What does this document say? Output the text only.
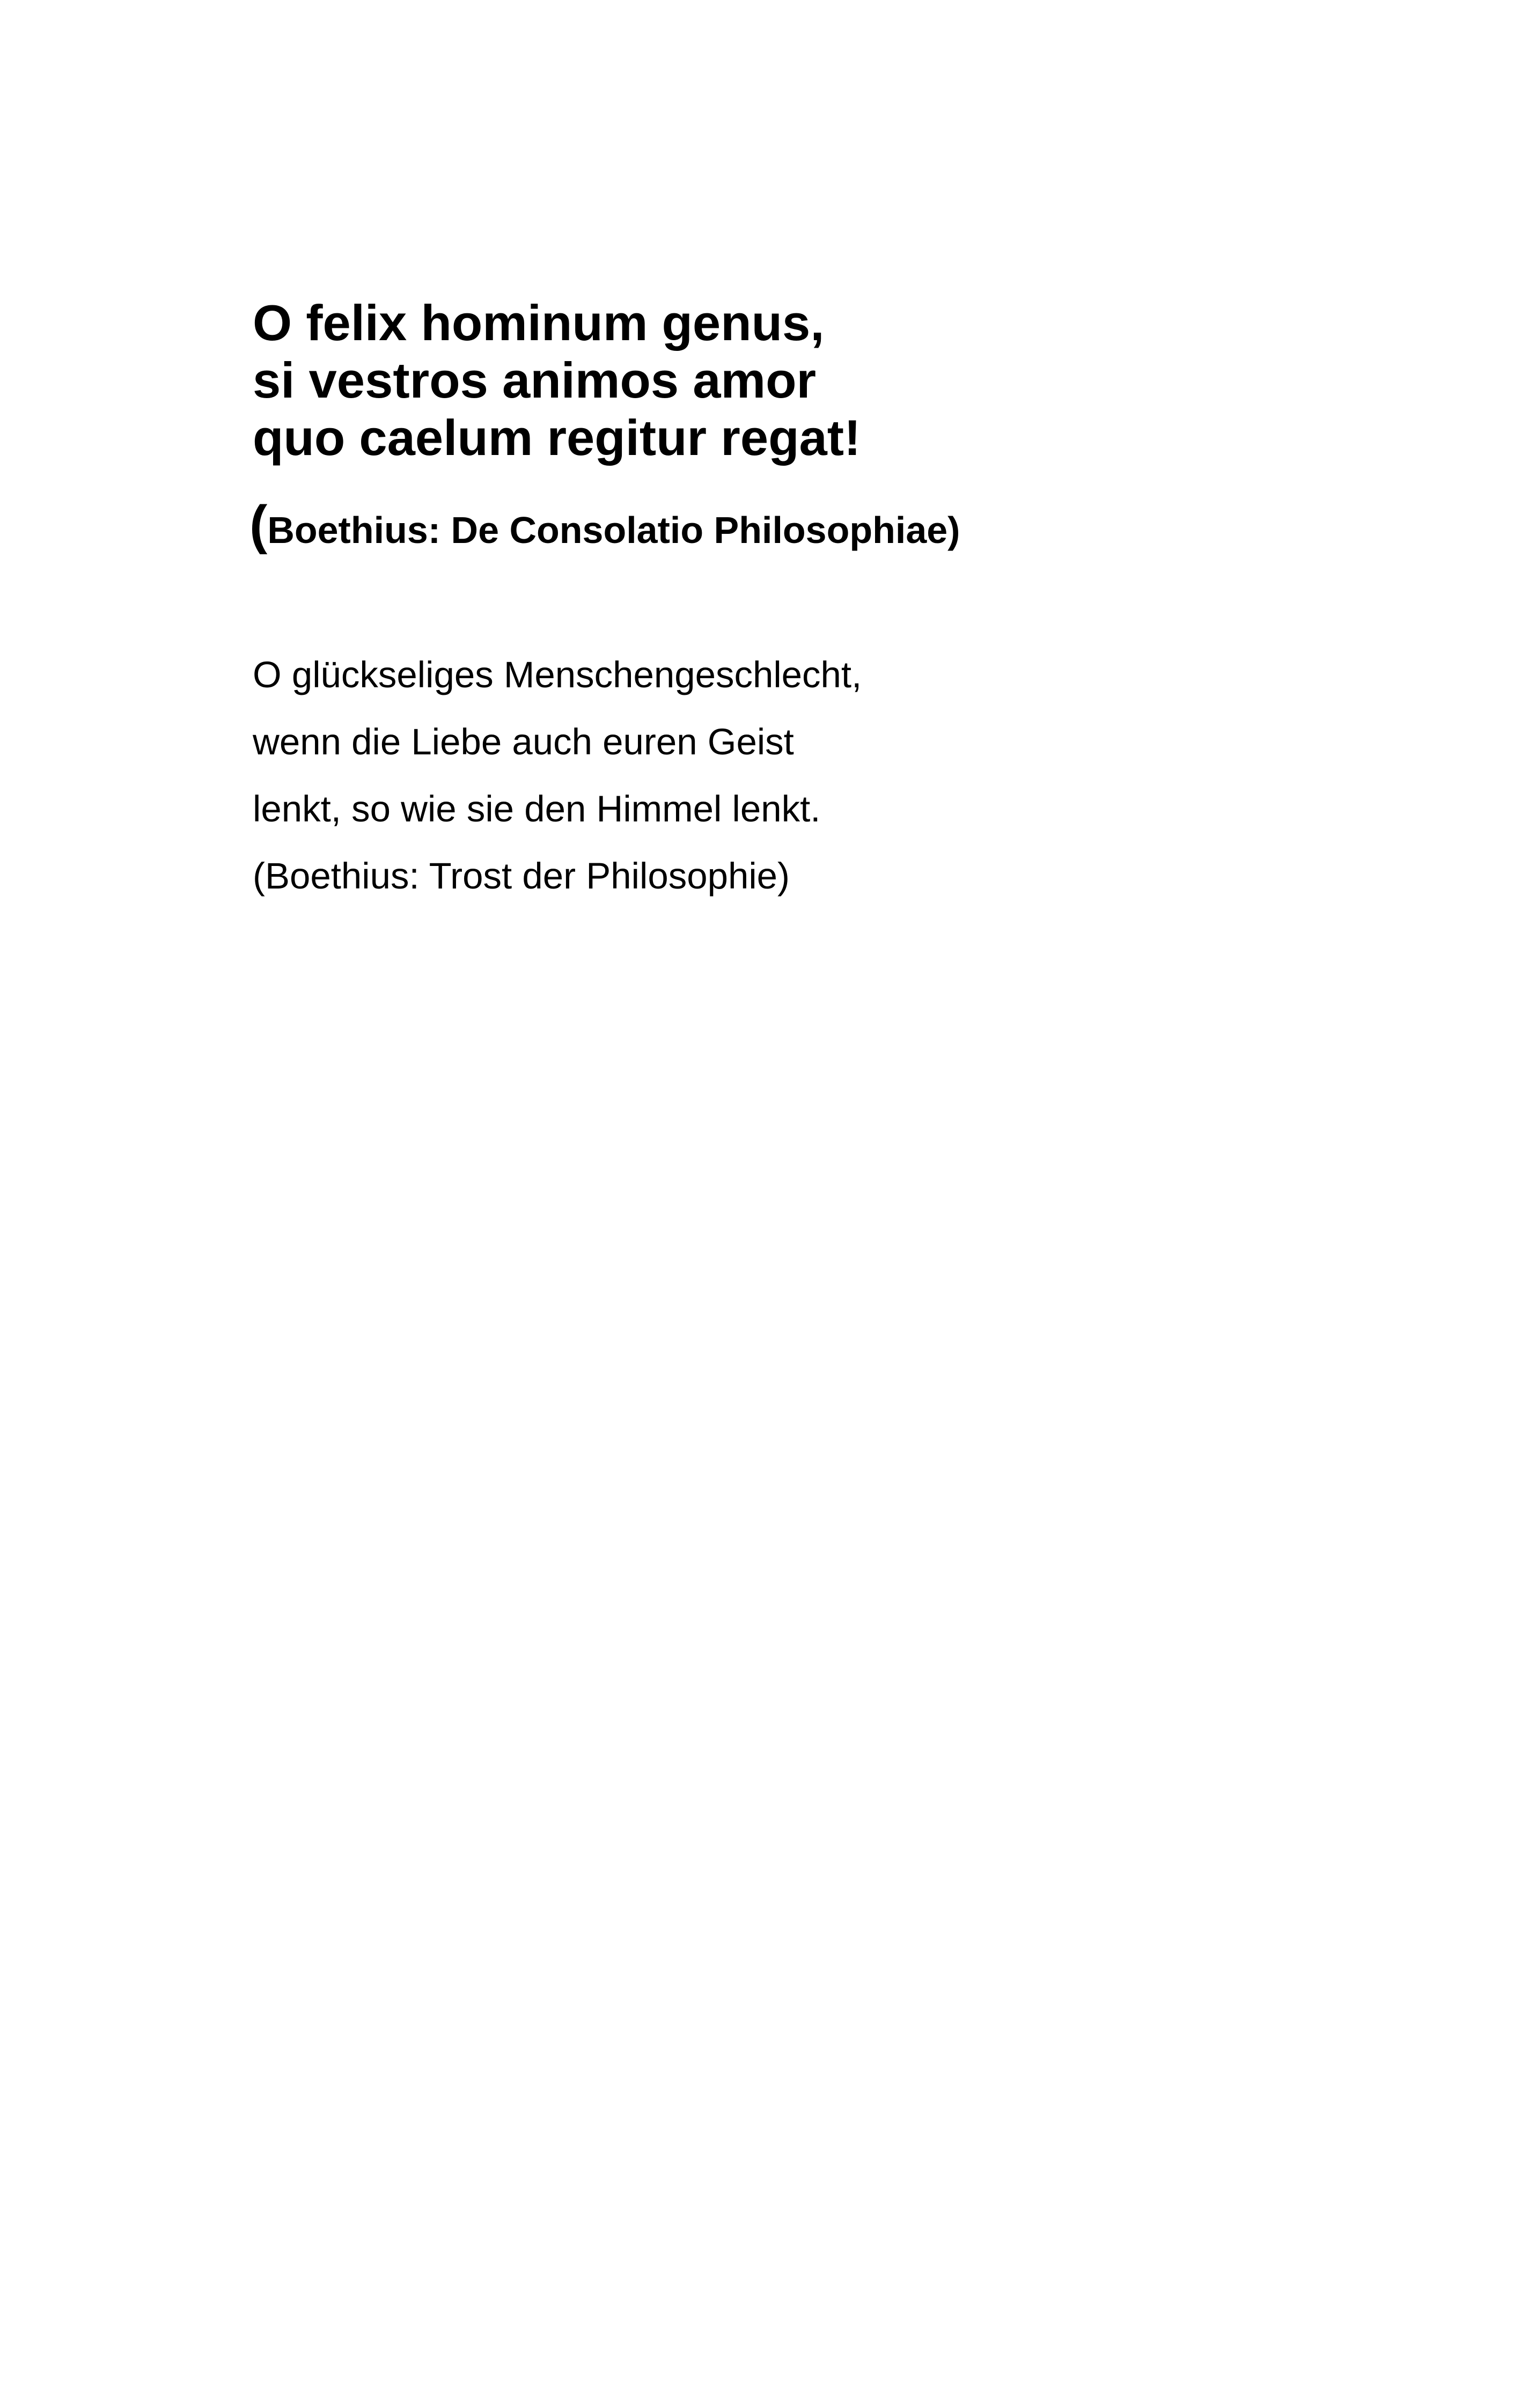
O felix hominum genus,
si vestros animos amor
quo caelum regitur regat!
(Boethius: De Consolatio Philosophiae)
O glückseliges Menschengeschlecht,
wenn die Liebe auch euren Geist
lenkt, so wie sie den Himmel lenkt.
(Boethius: Trost der Philosophie)
